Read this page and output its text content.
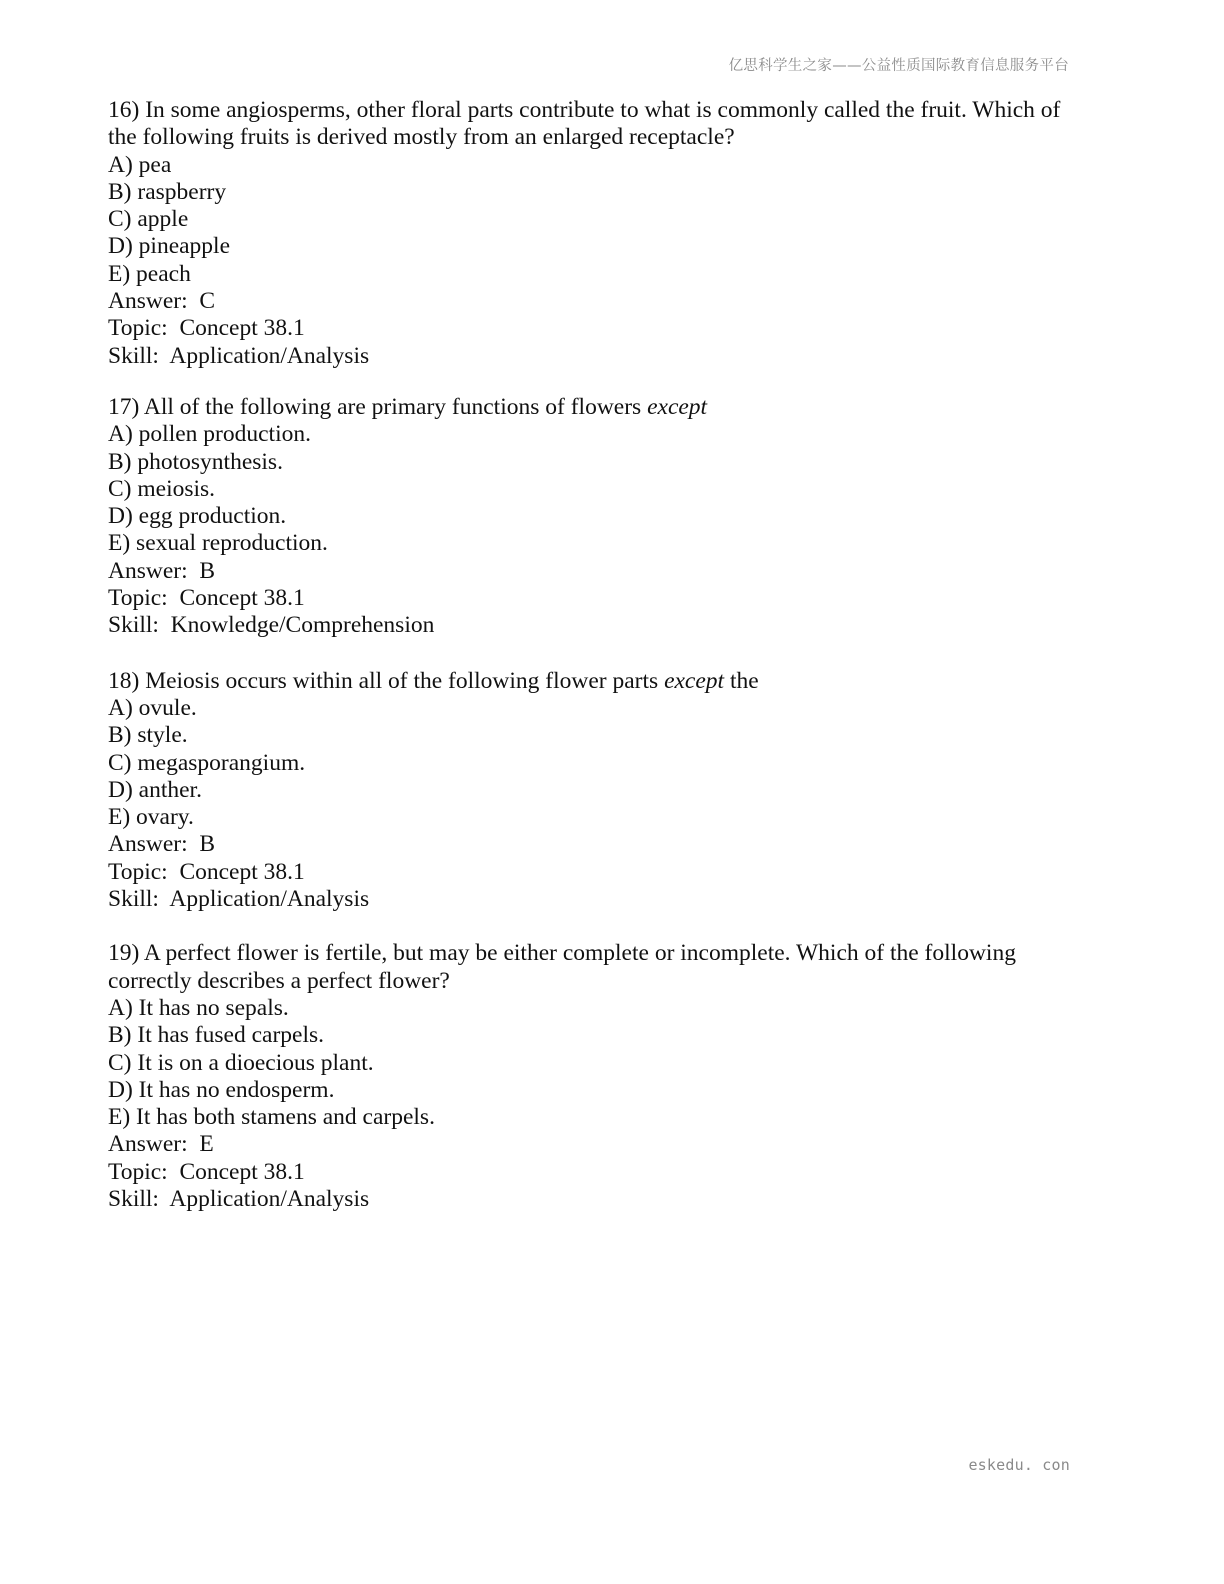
亿思科学生之家——公益性质国际教育信息服务平台
16) In some angiosperms, other floral parts contribute to what is commonly called the fruit. Which of the following fruits is derived mostly from an enlarged receptacle?
A) pea
B) raspberry
C) apple
D) pineapple
E) peach
Answer:  C
Topic:  Concept 38.1
Skill:  Application/Analysis
17) All of the following are primary functions of flowers except
A) pollen production.
B) photosynthesis.
C) meiosis.
D) egg production.
E) sexual reproduction.
Answer:  B
Topic:  Concept 38.1
Skill:  Knowledge/Comprehension
18) Meiosis occurs within all of the following flower parts except the
A) ovule.
B) style.
C) megasporangium.
D) anther.
E) ovary.
Answer:  B
Topic:  Concept 38.1
Skill:  Application/Analysis
19) A perfect flower is fertile, but may be either complete or incomplete. Which of the following correctly describes a perfect flower?
A) It has no sepals.
B) It has fused carpels.
C) It is on a dioecious plant.
D) It has no endosperm.
E) It has both stamens and carpels.
Answer:  E
Topic:  Concept 38.1
Skill:  Application/Analysis
eskedu. con
